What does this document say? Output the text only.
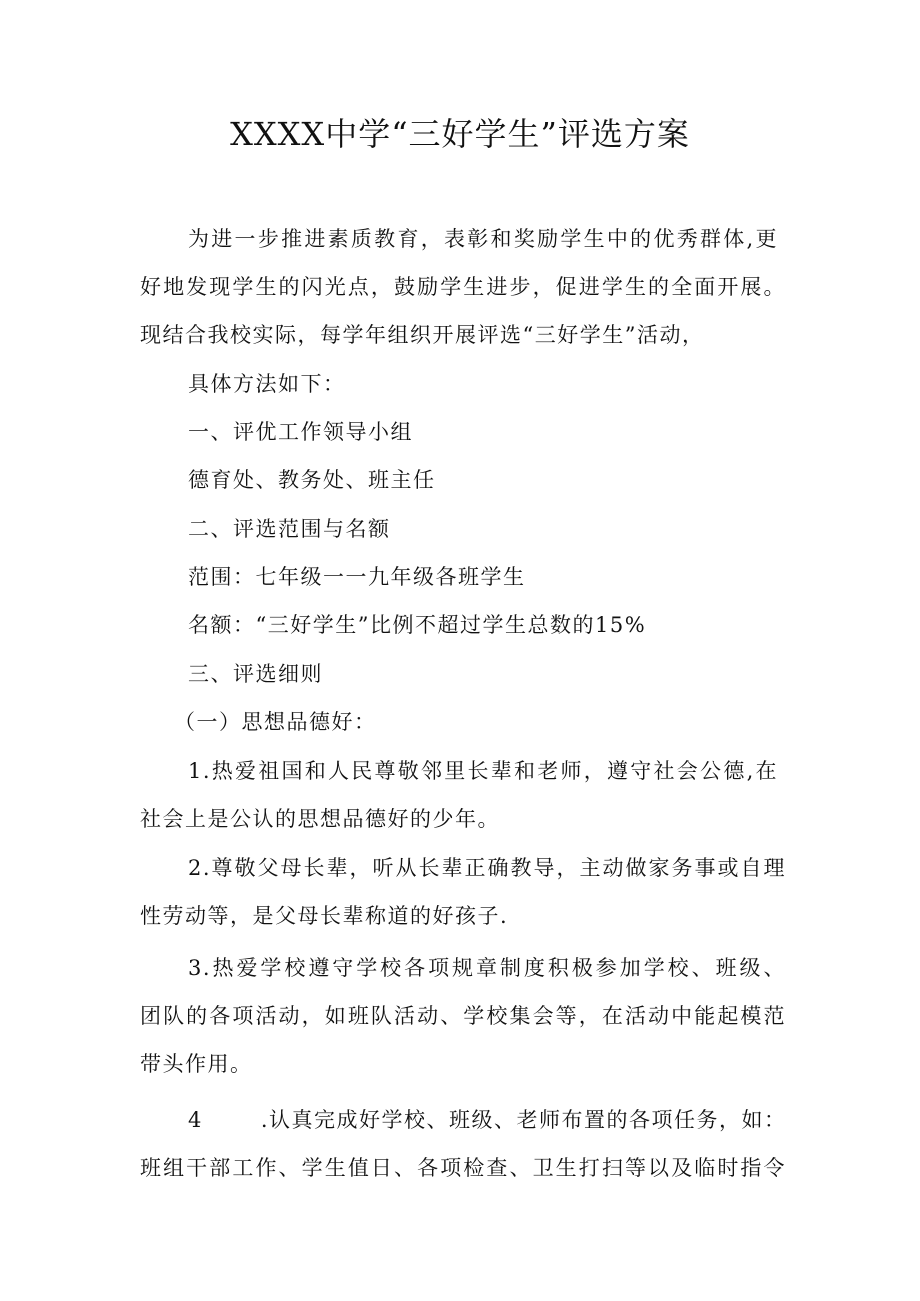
XXXX中学“三好学生”评选方案

为进一步推进素质教育，表彰和奖励学生中的优秀群体,更

好地发现学生的闪光点，鼓励学生进步，促进学生的全面开展。

现结合我校实际，每学年组织开展评选“三好学生”活动，

具体方法如下：

一、评优工作领导小组

德育处、教务处、班主任

二、评选范围与名额

范围：七年级一一九年级各班学生

名额：“三好学生”比例不超过学生总数的15%

三、评选细则

（一）思想品德好：

1.热爱祖国和人民尊敬邻里长辈和老师，遵守社会公德,在

社会上是公认的思想品德好的少年。

2.尊敬父母长辈，听从长辈正确教导，主动做家务事或自理

性劳动等，是父母长辈称道的好孩子.

3.热爱学校遵守学校各项规章制度积极参加学校、班级、

团队的各项活动，如班队活动、学校集会等，在活动中能起模范

带头作用。

4	.认真完成好学校、班级、老师布置的各项任务，如：

班组干部工作、学生值日、各项检查、卫生打扫等以及临时指令
